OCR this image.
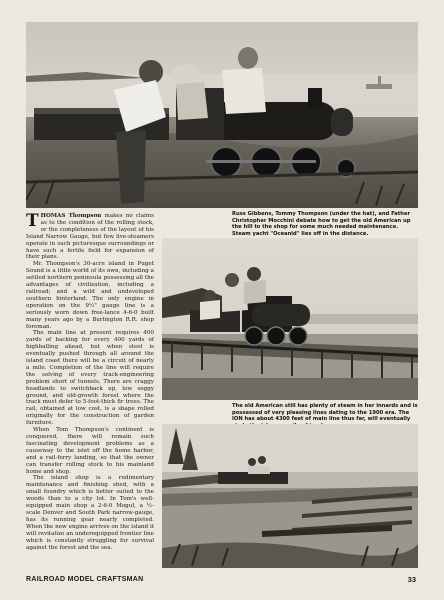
Russ Gibbens, Tommy Thompson (under the hat), and Father Christopher Mocchini debate how to get the old American up the hill to the shop for some much needed maintenance. Steam yacht "Oceanid" lies off in the distance.

THOMAS Thompson makes no claims as to the condition of the rolling stock, or the completeness of the layout of his Island Narrow Gauge, but few live-steamers operate in such picturesque surroundings or have such a fertile field for expansion of their plans.

Mr. Thompson's 30-acre island in Puget Sound is a little world of its own, including a settled northern peninsula possessing all the advantages of civilization, including a railroad; and a wild and undeveloped southern hinterland. The only engine in operation on the 9½" gauge line is a seriously worn down free-lance 4-6-0 built many years ago by a Burlington R.R. shop foreman.

The main line at present requires 400 yards of backing for every 400 yards of highballing ahead, but when steel is eventually pushed through all around the island coast there will be a circuit of nearly a mile. Completion of the line will require the solving of every track-engineering problem short of tunnels. There are craggy headlands to switchback up, low soggy ground, and old-growth forest where the track must defer to 5-foot-thick fir trees. The rail, obtained at low cost, is a shape rolled originally for the construction of garden furniture.

When Tom Thompson's continent is conquered, there will remain such fascinating development problems as a causeway to the islet off the home harbor, and a rail-ferry landing, so that the owner can transfer rolling stock to his mainland home and shop.

The island shop is a rudimentary maintenance and finishing shed, with a small foundry which is better suited to the woods than to a city lot. In Tom's well-equipped main shop a 2-6-0 Mogul, a ½-scale Denver and South Park narrow-gauge, has its running gear nearly completed. When the new engine arrives on the island it will revitalize an underequipped frontier line which is constantly struggling for survival against the forest and the sea.

The old American still has plenty of steam in her innards and is possessed of very pleasing lines dating to the 1900 era. The ION has about 4300 feet of main line thus far, will eventually
RAILROAD MODEL CRAFTSMAN	33
